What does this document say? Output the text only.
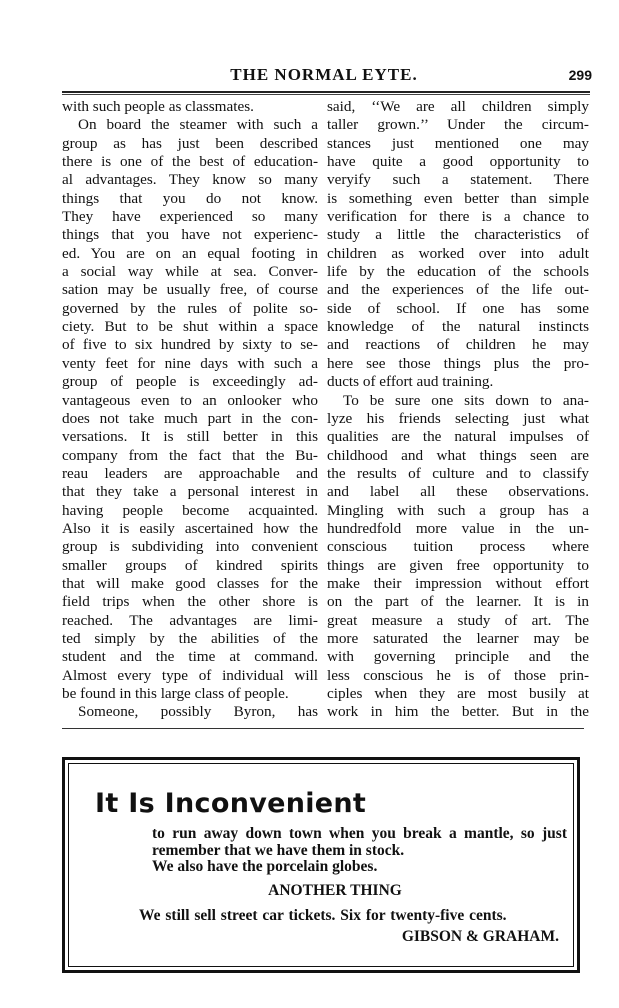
THE NORMAL EYTE.	299
with such people as classmates.
On board the steamer with such a
group as has just been described
there is one of the best of education-
al advantages. They know so many
things that you do not know.
They have experienced so many
things that you have not experienc-
ed. You are on an equal footing in
a social way while at sea. Conver-
sation may be usually free, of course
governed by the rules of polite so-
ciety. But to be shut within a space
of five to six hundred by sixty to se-
venty feet for nine days with such a
group of people is exceedingly ad-
vantageous even to an onlooker who
does not take much part in the con-
versations. It is still better in this
company from the fact that the Bu-
reau leaders are approachable and
that they take a personal interest in
having people become acquainted.
Also it is easily ascertained how the
group is subdividing into convenient
smaller groups of kindred spirits
that will make good classes for the
field trips when the other shore is
reached. The advantages are limi-
ted simply by the abilities of the
student and the time at command.
Almost every type of individual will
be found in this large class of people.
Someone, possibly Byron, has
said, ‘‘We are all children simply
taller grown.’’ Under the circum-
stances just mentioned one may
have quite a good opportunity to
veryify such a statement. There
is something even better than simple
verification for there is a chance to
study a little the characteristics of
children as worked over into adult
life by the education of the schools
and the experiences of the life out-
side of school. If one has some
knowledge of the natural instincts
and reactions of children he may
here see those things plus the pro-
ducts of effort aud training.
To be sure one sits down to ana-
lyze his friends selecting just what
qualities are the natural impulses of
childhood and what things seen are
the results of culture and to classify
and label all these observations.
Mingling with such a group has a
hundredfold more value in the un-
conscious tuition process where
things are given free opportunity to
make their impression without effort
on the part of the learner. It is in
great measure a study of art. The
more saturated the learner may be
with governing principle and the
less conscious he is of those prin-
ciples when they are most busily at
work in him the better. But in the
It Is Inconvenient
to run away down town when you break a mantle, so just
remember that we have them in stock.
We also have the porcelain globes.
ANOTHER THING
We still sell street car tickets. Six for twenty-five cents.
GIBSON & GRAHAM.
